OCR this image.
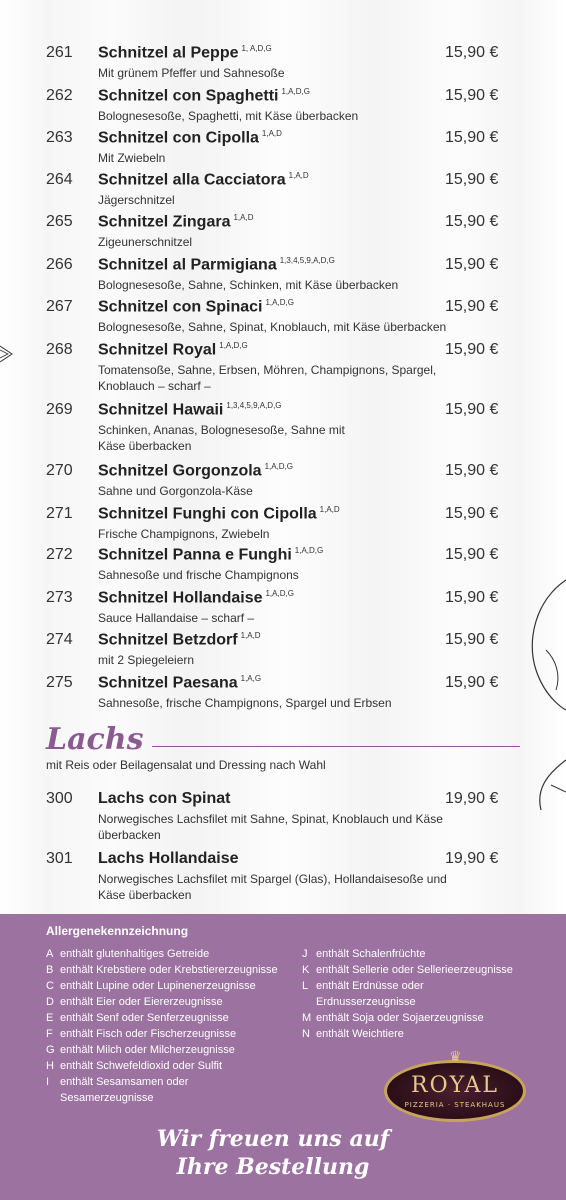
261 Schnitzel al Peppe $^{1, A,D,G}$	15,90 €
Mit grünem Pfeffer und Sahnesoße
262 Schnitzel con Spaghetti $^{1,A,D,G}$	15,90 €
Bolognesesoße, Spaghetti, mit Käse überbacken
263 Schnitzel con Cipolla $^{1,A,D}$	15,90 €
Mit Zwiebeln
264 Schnitzel alla Cacciatora $^{1,A,D}$	15,90 €
Jägerschnitzel
265 Schnitzel Zingara $^{1,A,D}$	15,90 €
Zigeunerschnitzel
266 Schnitzel al Parmigiana $^{1,3,4,5,9,A,D,G}$	15,90 €
Bolognesesoße, Sahne, Schinken, mit Käse überbacken
267 Schnitzel con Spinaci $^{1,A,D,G}$	15,90 €
Bolognesesoße, Sahne, Spinat, Knoblauch, mit Käse überbacken
268 Schnitzel Royal $^{1,A,D,G}$	15,90 €
Tomatensoße, Sahne, Erbsen, Möhren, Champignons, Spargel, Knoblauch – scharf –
269 Schnitzel Hawaii $^{1,3,4,5,9,A,D,G}$	15,90 €
Schinken, Ananas, Bolognesesoße, Sahne mit Käse überbacken
270 Schnitzel Gorgonzola $^{1,A,D,G}$	15,90 €
Sahne und Gorgonzola-Käse
271 Schnitzel Funghi con Cipolla $^{1,A,D}$	15,90 €
Frische Champignons, Zwiebeln
272 Schnitzel Panna e Funghi $^{1,A,D,G}$	15,90 €
Sahnesoße und frische Champignons
273 Schnitzel Hollandaise $^{1,A,D,G}$	15,90 €
Sauce Hallandaise – scharf –
274 Schnitzel Betzdorf $^{1,A,D}$	15,90 €
mit 2 Spiegeleiern
275 Schnitzel Paesana $^{1,A,G}$	15,90 €
Sahnesoße, frische Champignons, Spargel und Erbsen
Lachs
mit Reis oder Beilagensalat und Dressing nach Wahl
300 Lachs con Spinat	19,90 €
Norwegisches Lachsfilet mit Sahne, Spinat, Knoblauch und Käse überbacken
301 Lachs Hollandaise	19,90 €
Norwegisches Lachsfilet mit Spargel (Glas), Hollandaisesoße und Käse überbacken
Allergenekennzeichnung
A enthält glutenhaltiges Getreide
B enthält Krebstiere oder Krebstiererzeugnisse
C enthält Lupine oder Lupinenerzeugnisse
D enthält Eier oder Eiererzeugnisse
E enthält Senf oder Senferzeugnisse
F enthält Fisch oder Fischerzeugnisse
G enthält Milch oder Milcherzeugnisse
H enthält Schwefeldioxid oder Sulfit
I enthält Sesamsamen oder Sesamerzeugnisse
J enthält Schalenfrüchte
K enthält Sellerie oder Sellerieerzeugnisse
L enthält Erdnüsse oder Erdnusserzeugnisse
M enthält Soja oder Sojaerzeugnisse
N enthält Weichtiere
♛
ROYAL
PIZZERIA · STEAKHAUS
Wir freuen uns auf
Ihre Bestellung
